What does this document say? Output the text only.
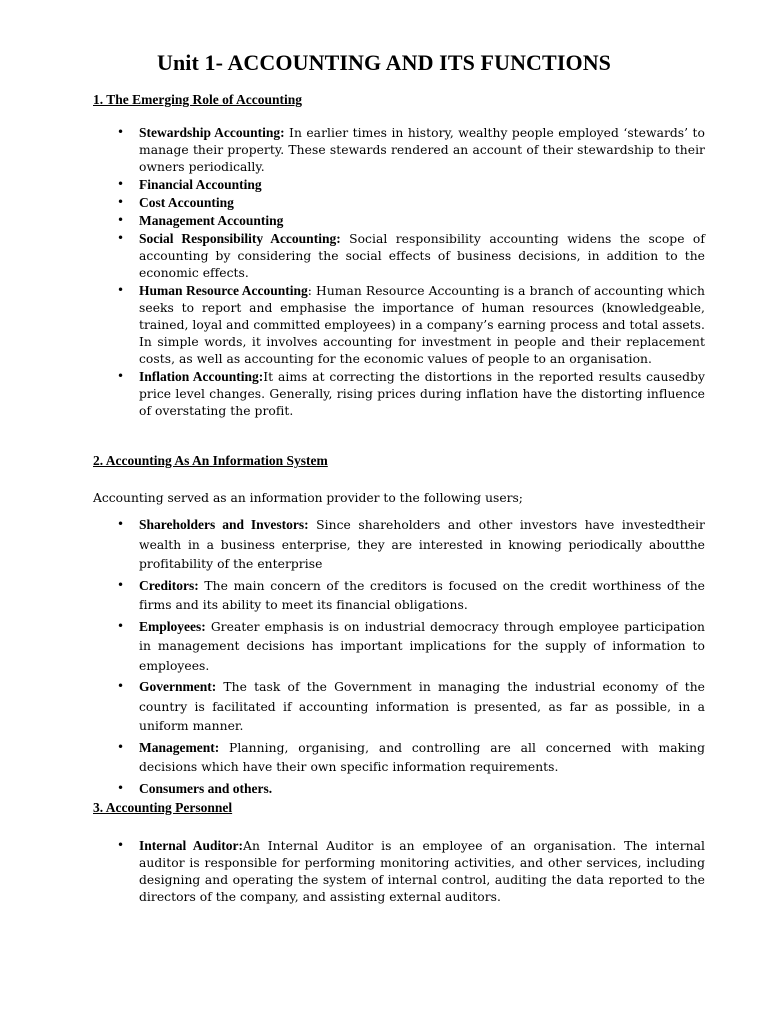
Unit 1- ACCOUNTING AND ITS FUNCTIONS
1. The Emerging Role of Accounting
• Stewardship Accounting: In earlier times in history, wealthy people employed ‘stewards’ to manage their property. These stewards rendered an account of their stewardship to their owners periodically.
• Financial Accounting
• Cost Accounting
• Management Accounting
• Social Responsibility Accounting: Social responsibility accounting widens the scope of accounting by considering the social effects of business decisions, in addition to the economic effects.
• Human Resource Accounting: Human Resource Accounting is a branch of accounting which seeks to report and emphasise the importance of human resources (knowledgeable, trained, loyal and committed employees) in a company’s earning process and total assets. In simple words, it involves accounting for investment in people and their replacement costs, as well as accounting for the economic values of people to an organisation.
• Inflation Accounting:It aims at correcting the distortions in the reported results causedby price level changes. Generally, rising prices during inflation have the distorting influence of overstating the profit.
2. Accounting As An Information System
Accounting served as an information provider to the following users;
• Shareholders and Investors: Since shareholders and other investors have investedtheir wealth in a business enterprise, they are interested in knowing periodically aboutthe profitability of the enterprise
• Creditors: The main concern of the creditors is focused on the credit worthiness of the firms and its ability to meet its financial obligations.
• Employees: Greater emphasis is on industrial democracy through employee participation in management decisions has important implications for the supply of information to employees.
• Government: The task of the Government in managing the industrial economy of the country is facilitated if accounting information is presented, as far as possible, in a uniform manner.
• Management: Planning, organising, and controlling are all concerned with making decisions which have their own specific information requirements.
• Consumers and others.
3. Accounting Personnel
• Internal Auditor:An Internal Auditor is an employee of an organisation. The internal auditor is responsible for performing monitoring activities, and other services, including designing and operating the system of internal control, auditing the data reported to the directors of the company, and assisting external auditors.
